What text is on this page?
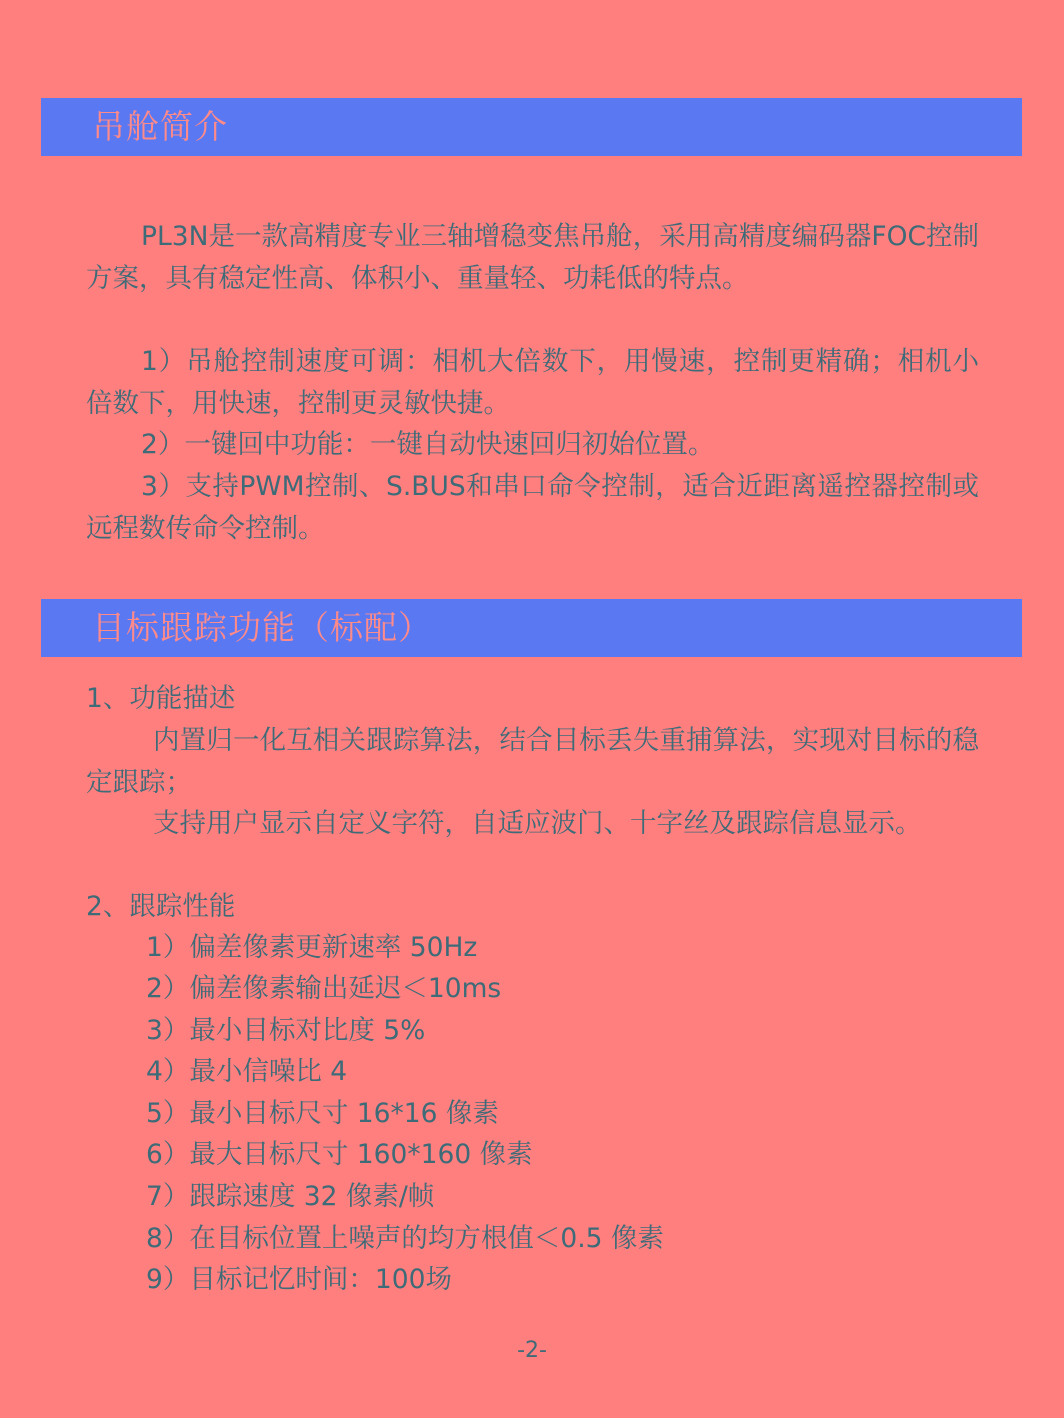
吊舱简介

PL3N是一款高精度专业三轴增稳变焦吊舱，采用高精度编码器FOC控制方案，具有稳定性高、体积小、重量轻、功耗低的特点。

1）吊舱控制速度可调：相机大倍数下，用慢速，控制更精确；相机小倍数下，用快速，控制更灵敏快捷。

2）一键回中功能：一键自动快速回归初始位置。

3）支持PWM控制、S.BUS和串口命令控制，适合近距离遥控器控制或远程数传命令控制。

目标跟踪功能（标配）

1、功能描述

内置归一化互相关跟踪算法，结合目标丢失重捕算法，实现对目标的稳定跟踪；

支持用户显示自定义字符，自适应波门、十字丝及跟踪信息显示。

2、跟踪性能

1）偏差像素更新速率 50Hz

2）偏差像素输出延迟＜10ms

3）最小目标对比度 5%

4）最小信噪比 4

5）最小目标尺寸 16*16 像素

6）最大目标尺寸 160*160 像素

7）跟踪速度 32 像素/帧

8）在目标位置上噪声的均方根值＜0.5 像素

9）目标记忆时间：100场

-2-
